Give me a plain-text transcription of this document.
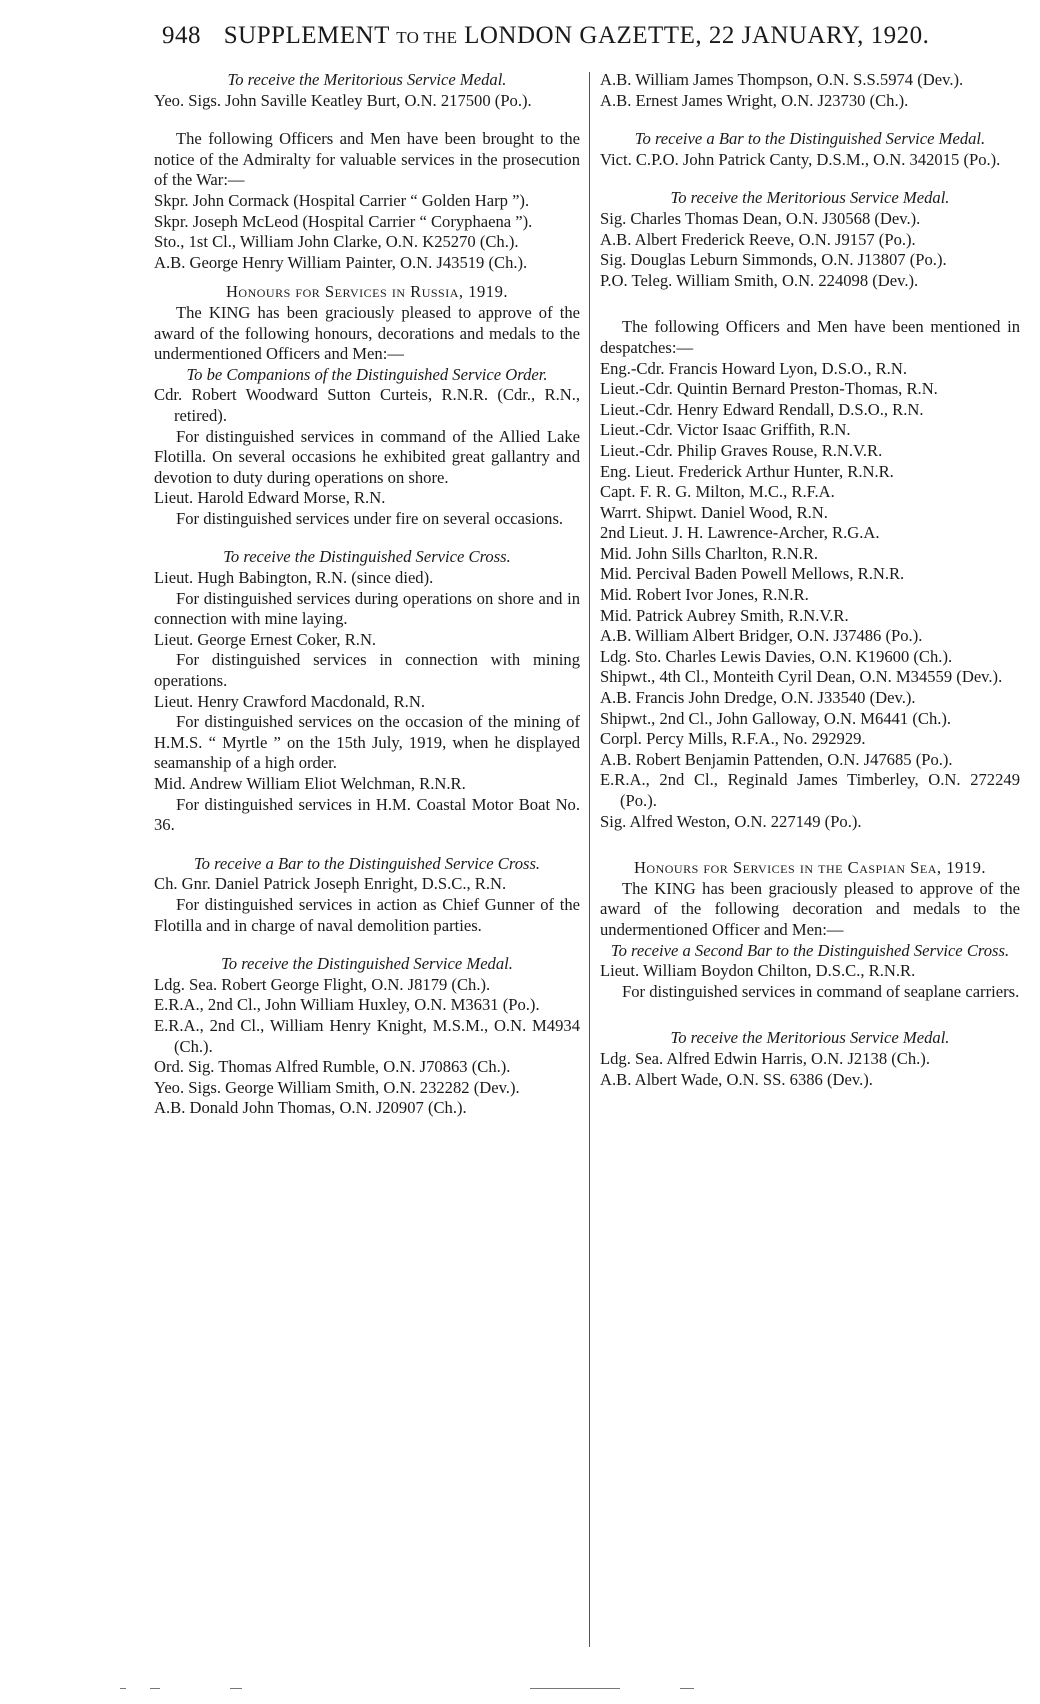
948 SUPPLEMENT TO THE LONDON GAZETTE, 22 JANUARY, 1920.

To receive the Meritorious Service Medal.

Yeo. Sigs. John Saville Keatley Burt, O.N. 217500 (Po.).

The following Officers and Men have been brought to the notice of the Admiralty for valuable services in the prosecution of the War:—

Skpr. John Cormack (Hospital Carrier “ Golden Harp ”).

Skpr. Joseph McLeod (Hospital Carrier “ Coryphaena ”).

Sto., 1st Cl., William John Clarke, O.N. K25270 (Ch.).

A.B. George Henry William Painter, O.N. J43519 (Ch.).

Honours for Services in Russia, 1919.

The KING has been graciously pleased to approve of the award of the following honours, decorations and medals to the undermentioned Officers and Men:—

To be Companions of the Distinguished Service Order.

Cdr. Robert Woodward Sutton Curteis, R.N.R. (Cdr., R.N., retired).

For distinguished services in command of the Allied Lake Flotilla. On several occasions he exhibited great gallantry and devotion to duty during operations on shore.

Lieut. Harold Edward Morse, R.N.

For distinguished services under fire on several occasions.

To receive the Distinguished Service Cross.

Lieut. Hugh Babington, R.N. (since died).

For distinguished services during operations on shore and in connection with mine laying.

Lieut. George Ernest Coker, R.N.

For distinguished services in connection with mining operations.

Lieut. Henry Crawford Macdonald, R.N.

For distinguished services on the occasion of the mining of H.M.S. “ Myrtle ” on the 15th July, 1919, when he displayed seamanship of a high order.

Mid. Andrew William Eliot Welchman, R.N.R.

For distinguished services in H.M. Coastal Motor Boat No. 36.

To receive a Bar to the Distinguished Service Cross.

Ch. Gnr. Daniel Patrick Joseph Enright, D.S.C., R.N.

For distinguished services in action as Chief Gunner of the Flotilla and in charge of naval demolition parties.

To receive the Distinguished Service Medal.

Ldg. Sea. Robert George Flight, O.N. J8179 (Ch.).

E.R.A., 2nd Cl., John William Huxley, O.N. M3631 (Po.).

E.R.A., 2nd Cl., William Henry Knight, M.S.M., O.N. M4934 (Ch.).

Ord. Sig. Thomas Alfred Rumble, O.N. J70863 (Ch.).

Yeo. Sigs. George William Smith, O.N. 232282 (Dev.).

A.B. Donald John Thomas, O.N. J20907 (Ch.).

A.B. William James Thompson, O.N. S.S.5974 (Dev.).

A.B. Ernest James Wright, O.N. J23730 (Ch.).

To receive a Bar to the Distinguished Service Medal.

Vict. C.P.O. John Patrick Canty, D.S.M., O.N. 342015 (Po.).

To receive the Meritorious Service Medal.

Sig. Charles Thomas Dean, O.N. J30568 (Dev.).

A.B. Albert Frederick Reeve, O.N. J9157 (Po.).

Sig. Douglas Leburn Simmonds, O.N. J13807 (Po.).

P.O. Teleg. William Smith, O.N. 224098 (Dev.).

The following Officers and Men have been mentioned in despatches:—

Eng.-Cdr. Francis Howard Lyon, D.S.O., R.N.

Lieut.-Cdr. Quintin Bernard Preston-Thomas, R.N.

Lieut.-Cdr. Henry Edward Rendall, D.S.O., R.N.

Lieut.-Cdr. Victor Isaac Griffith, R.N.

Lieut.-Cdr. Philip Graves Rouse, R.N.V.R.

Eng. Lieut. Frederick Arthur Hunter, R.N.R.

Capt. F. R. G. Milton, M.C., R.F.A.

Warrt. Shipwt. Daniel Wood, R.N.

2nd Lieut. J. H. Lawrence-Archer, R.G.A.

Mid. John Sills Charlton, R.N.R.

Mid. Percival Baden Powell Mellows, R.N.R.

Mid. Robert Ivor Jones, R.N.R.

Mid. Patrick Aubrey Smith, R.N.V.R.

A.B. William Albert Bridger, O.N. J37486 (Po.).

Ldg. Sto. Charles Lewis Davies, O.N. K19600 (Ch.).

Shipwt., 4th Cl., Monteith Cyril Dean, O.N. M34559 (Dev.).

A.B. Francis John Dredge, O.N. J33540 (Dev.).

Shipwt., 2nd Cl., John Galloway, O.N. M6441 (Ch.).

Corpl. Percy Mills, R.F.A., No. 292929.

A.B. Robert Benjamin Pattenden, O.N. J47685 (Po.).

E.R.A., 2nd Cl., Reginald James Timberley, O.N. 272249 (Po.).

Sig. Alfred Weston, O.N. 227149 (Po.).

Honours for Services in the Caspian Sea, 1919.

The KING has been graciously pleased to approve of the award of the following decoration and medals to the undermentioned Officer and Men:—

To receive a Second Bar to the Distinguished Service Cross.

Lieut. William Boydon Chilton, D.S.C., R.N.R.

For distinguished services in command of seaplane carriers.

To receive the Meritorious Service Medal.

Ldg. Sea. Alfred Edwin Harris, O.N. J2138 (Ch.).

A.B. Albert Wade, O.N. SS. 6386 (Dev.).
